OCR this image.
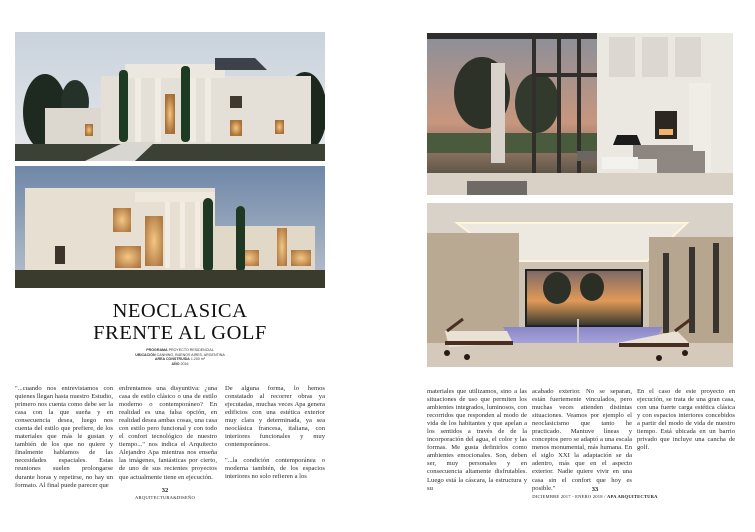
NEOCLASICA
FRENTE AL GOLF
PROGRAMA PROYECTO RESIDENCIAL
UBICACIÓN CANNING, BUENOS AIRES, ARGENTINA
AREA CONSTRUIDA 1.200 m²
AÑO 2016

"...cuando nos entrevistamos con quienes llegan hasta nuestro Estudio, primero nos cuenta como debe ser la casa con la que sueña y en consecuencia desea, luego nos cuenta del estilo que prefiere, de los materiales que más le gustan y también de los que no quiere y finalmente hablamos de las necesidades espaciales. Estas reuniones suelen prolongarse durante horas y repetirse, no hay un formato. Al final puede parecer que

enfrentamos una disyuntiva: ¿una casa de estilo clásico o una de estilo moderno o contemporáneo? En realidad es una falsa opción, en realidad desea ambas cosas, una casa con estilo pero funcional y con todo el confort tecnológico de nuestro tiempo..." nos indica el Arquitecto Alejandro Apa mientras nos enseña las imágenes, fantásticas por cierto, de uno de sus recientes proyectos que actualmente tiene en ejecución.

De alguna forma, lo hemos constatado al recorrer obras ya ejecutadas, muchas veces Apa genera edificios con una estética exterior muy clara y determinada, ya sea neoclásica francesa, italiana, con interiores funcionales y muy contemporáneos.

"...la condición contemporánea o moderna también, de los espacios interiores no solo refieren a los

32
ARQUITECTURA&DISEÑO

materiales que utilizamos, sino a las situaciones de uso que permiten los ambientes integrados, luminosos, con recorridos que responden al modo de vida de los habitantes y que apelan a los sentidos a través de de la incorporación del agua, el color y las formas. Me gusta definirlos como ambientes emocionales. Son, deben ser, muy personales y en consecuencia altamente disfrutables. Luego está la cáscara, la estructura y su

acabado exterior. No se separan, están fuertemente vinculados, pero muchas veces atienden distintas situaciones. Veamos por ejemplo el neoclasicismo que tanto he practicado. Mantuve líneas y conceptos pero se adaptó a una escala menos monumental, más humana. En el siglo XXI la adaptación se da adentro, más que en el aspecto exterior. Nadie quiere vivir en una casa sin el confort que hoy es posible."

En el caso de este proyecto en ejecución, se trata de una gran casa, con una fuerte carga estética clásica y con espacios interiores concebidos a partir del modo de vida de nuestro tiempo. Está ubicada en un barrio privado que incluye una cancha de golf.

33
DICIEMBRE 2017 - ENERO 2018 / APA ARQUITECTURA
